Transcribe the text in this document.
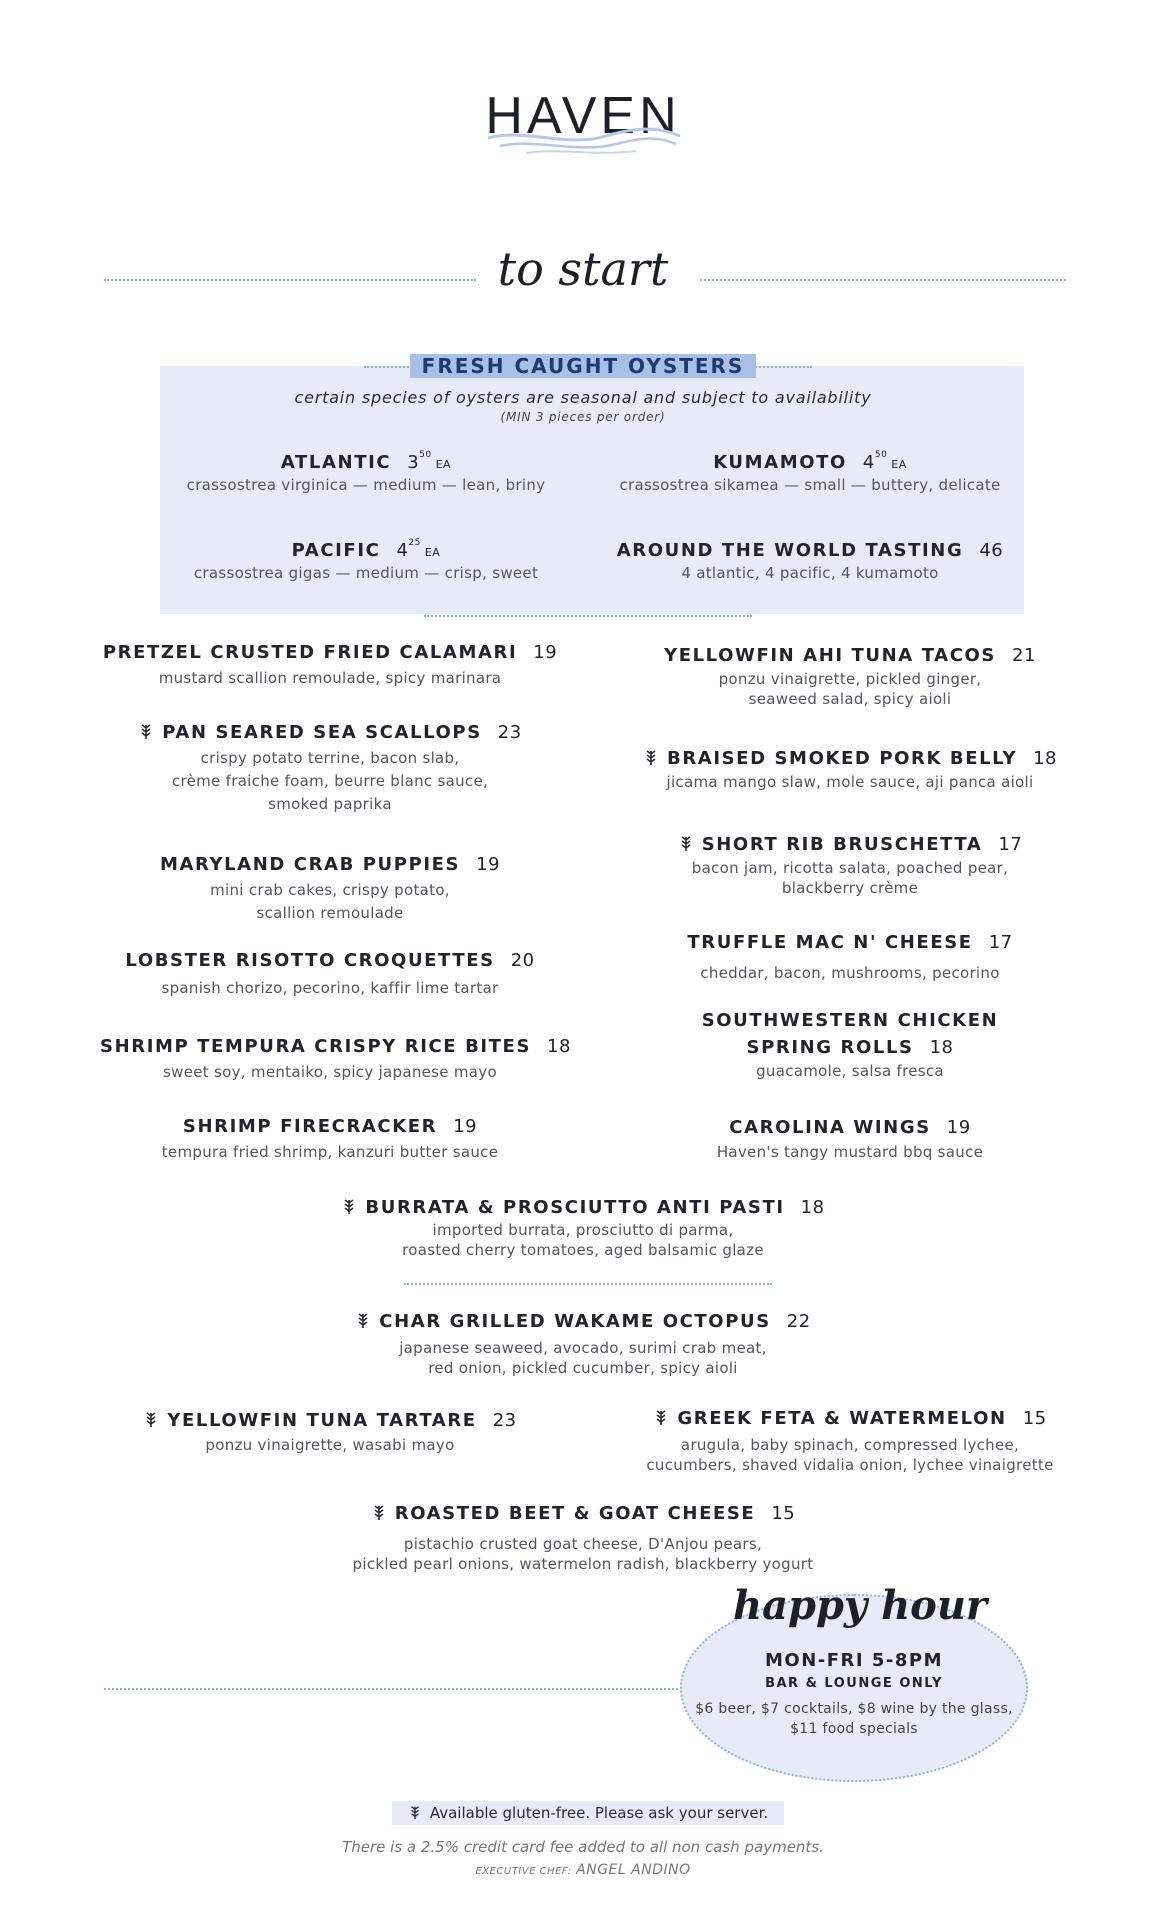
HAVEN
to start
FRESH CAUGHT OYSTERS
certain species of oysters are seasonal and subject to availability
(MIN 3 pieces per order)
ATLANTIC $3^{50}EA$
crassostrea virginica — medium — lean, briny
KUMAMOTO $4^{50}EA$
crassostrea sikamea — small — buttery, delicate
PACIFIC $4^{25}EA$
crassostrea gigas — medium — crisp, sweet
AROUND THE WORLD TASTING 46
4 atlantic, 4 pacific, 4 kumamoto
PRETZEL CRUSTED FRIED CALAMARI 19
mustard scallion remoulade, spicy marinara
PAN SEARED SEA SCALLOPS 23
crispy potato terrine, bacon slab,
crème fraiche foam, beurre blanc sauce,
smoked paprika
MARYLAND CRAB PUPPIES 19
mini crab cakes, crispy potato,
scallion remoulade
LOBSTER RISOTTO CROQUETTES 20
spanish chorizo, pecorino, kaffir lime tartar
SHRIMP TEMPURA CRISPY RICE BITES 18
sweet soy, mentaiko, spicy japanese mayo
SHRIMP FIRECRACKER 19
tempura fried shrimp, kanzuri butter sauce
YELLOWFIN AHI TUNA TACOS 21
ponzu vinaigrette, pickled ginger,
seaweed salad, spicy aioli
BRAISED SMOKED PORK BELLY 18
jicama mango slaw, mole sauce, aji panca aioli
SHORT RIB BRUSCHETTA 17
bacon jam, ricotta salata, poached pear,
blackberry crème
TRUFFLE MAC N' CHEESE 17
cheddar, bacon, mushrooms, pecorino
SOUTHWESTERN CHICKEN
SPRING ROLLS 18
guacamole, salsa fresca
CAROLINA WINGS 19
Haven's tangy mustard bbq sauce
BURRATA & PROSCIUTTO ANTI PASTI 18
imported burrata, prosciutto di parma,
roasted cherry tomatoes, aged balsamic glaze
CHAR GRILLED WAKAME OCTOPUS 22
japanese seaweed, avocado, surimi crab meat,
red onion, pickled cucumber, spicy aioli
YELLOWFIN TUNA TARTARE 23
ponzu vinaigrette, wasabi mayo
GREEK FETA & WATERMELON 15
arugula, baby spinach, compressed lychee,
cucumbers, shaved vidalia onion, lychee vinaigrette
ROASTED BEET & GOAT CHEESE 15
pistachio crusted goat cheese, D'Anjou pears,
pickled pearl onions, watermelon radish, blackberry yogurt
happy hour
MON-FRI 5-8PM
BAR & LOUNGE ONLY
$6 beer, $7 cocktails, $8 wine by the glass,
$11 food specials
Available gluten-free. Please ask your server.
There is a 2.5% credit card fee added to all non cash payments.
EXECUTIVE CHEF: ANGEL ANDINO
